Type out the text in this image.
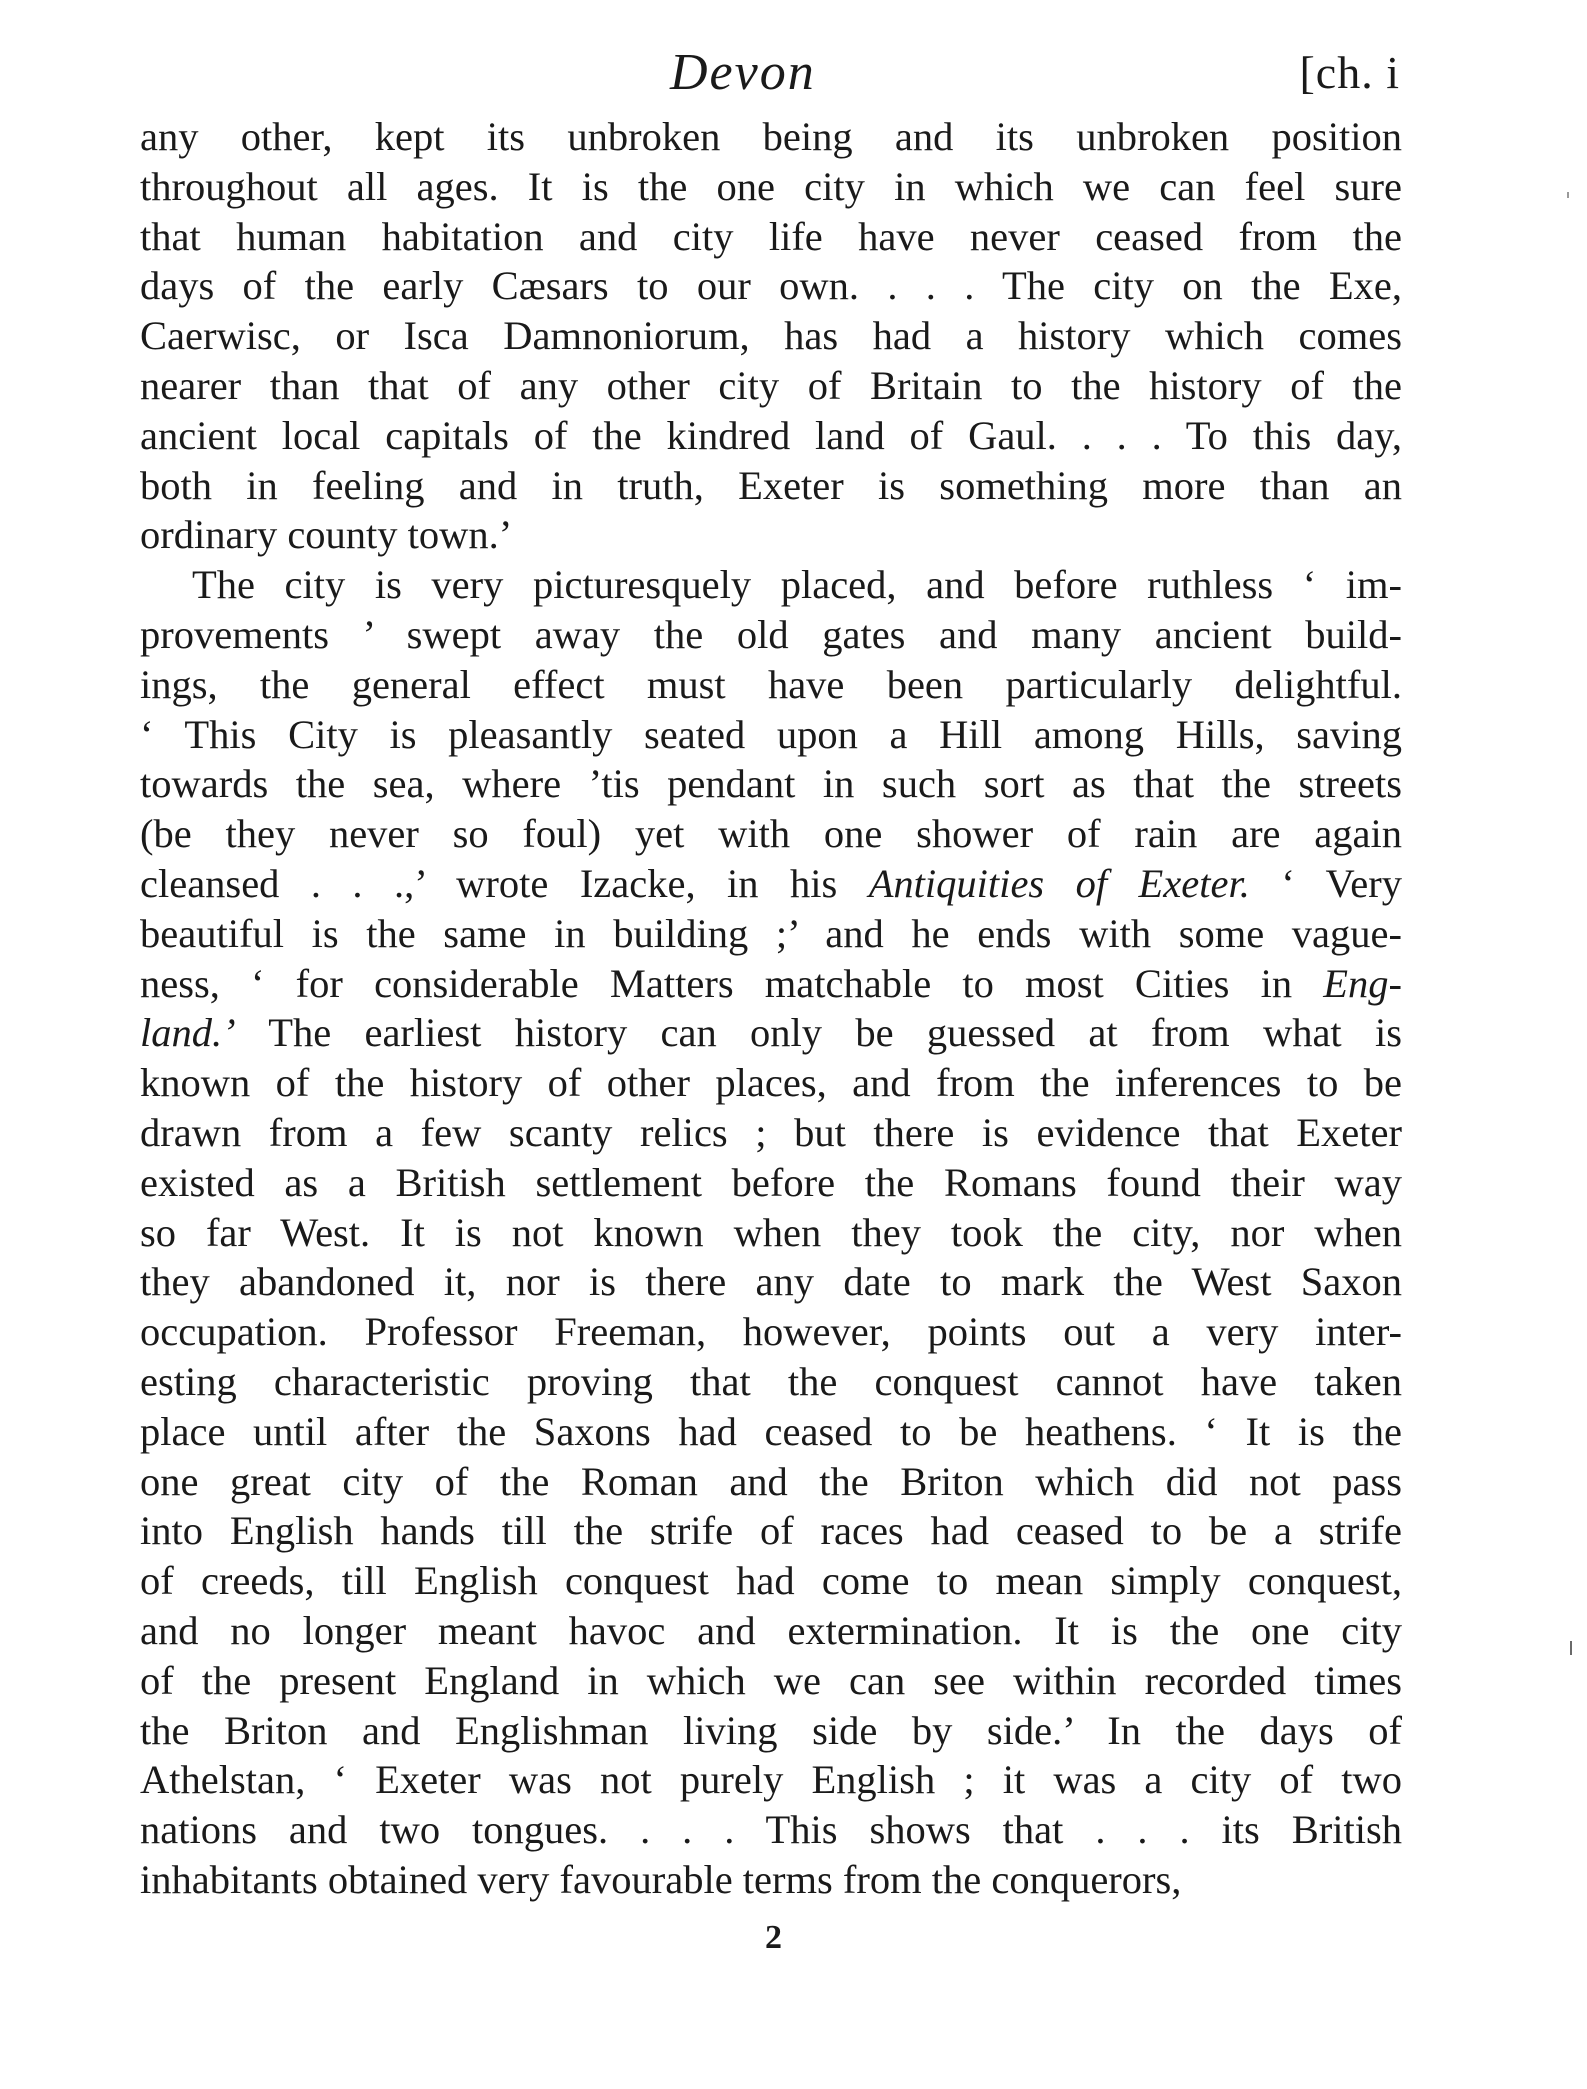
Devon	[ch. i
any other, kept its unbroken being and its unbroken position
throughout all ages. It is the one city in which we can feel sure
that human habitation and city life have never ceased from the
days of the early Cæsars to our own. . . . The city on the Exe,
Caerwisc, or Isca Damnoniorum, has had a history which comes
nearer than that of any other city of Britain to the history of the
ancient local capitals of the kindred land of Gaul. . . . To this day,
both in feeling and in truth, Exeter is something more than an
ordinary county town.’
The city is very picturesquely placed, and before ruthless ‘ im-
provements ’ swept away the old gates and many ancient build-
ings, the general effect must have been particularly delightful.
‘ This City is pleasantly seated upon a Hill among Hills, saving
towards the sea, where ’tis pendant in such sort as that the streets
(be they never so foul) yet with one shower of rain are again
cleansed . . .,’ wrote Izacke, in his Antiquities of Exeter. ‘ Very
beautiful is the same in building ;’ and he ends with some vague-
ness, ‘ for considerable Matters matchable to most Cities in Eng-
land.’ The earliest history can only be guessed at from what is
known of the history of other places, and from the inferences to be
drawn from a few scanty relics ; but there is evidence that Exeter
existed as a British settlement before the Romans found their way
so far West. It is not known when they took the city, nor when
they abandoned it, nor is there any date to mark the West Saxon
occupation. Professor Freeman, however, points out a very inter-
esting characteristic proving that the conquest cannot have taken
place until after the Saxons had ceased to be heathens. ‘ It is the
one great city of the Roman and the Briton which did not pass
into English hands till the strife of races had ceased to be a strife
of creeds, till English conquest had come to mean simply conquest,
and no longer meant havoc and extermination. It is the one city
of the present England in which we can see within recorded times
the Briton and Englishman living side by side.’ In the days of
Athelstan, ‘ Exeter was not purely English ; it was a city of two
nations and two tongues. . . . This shows that . . . its British
inhabitants obtained very favourable terms from the conquerors,
2
